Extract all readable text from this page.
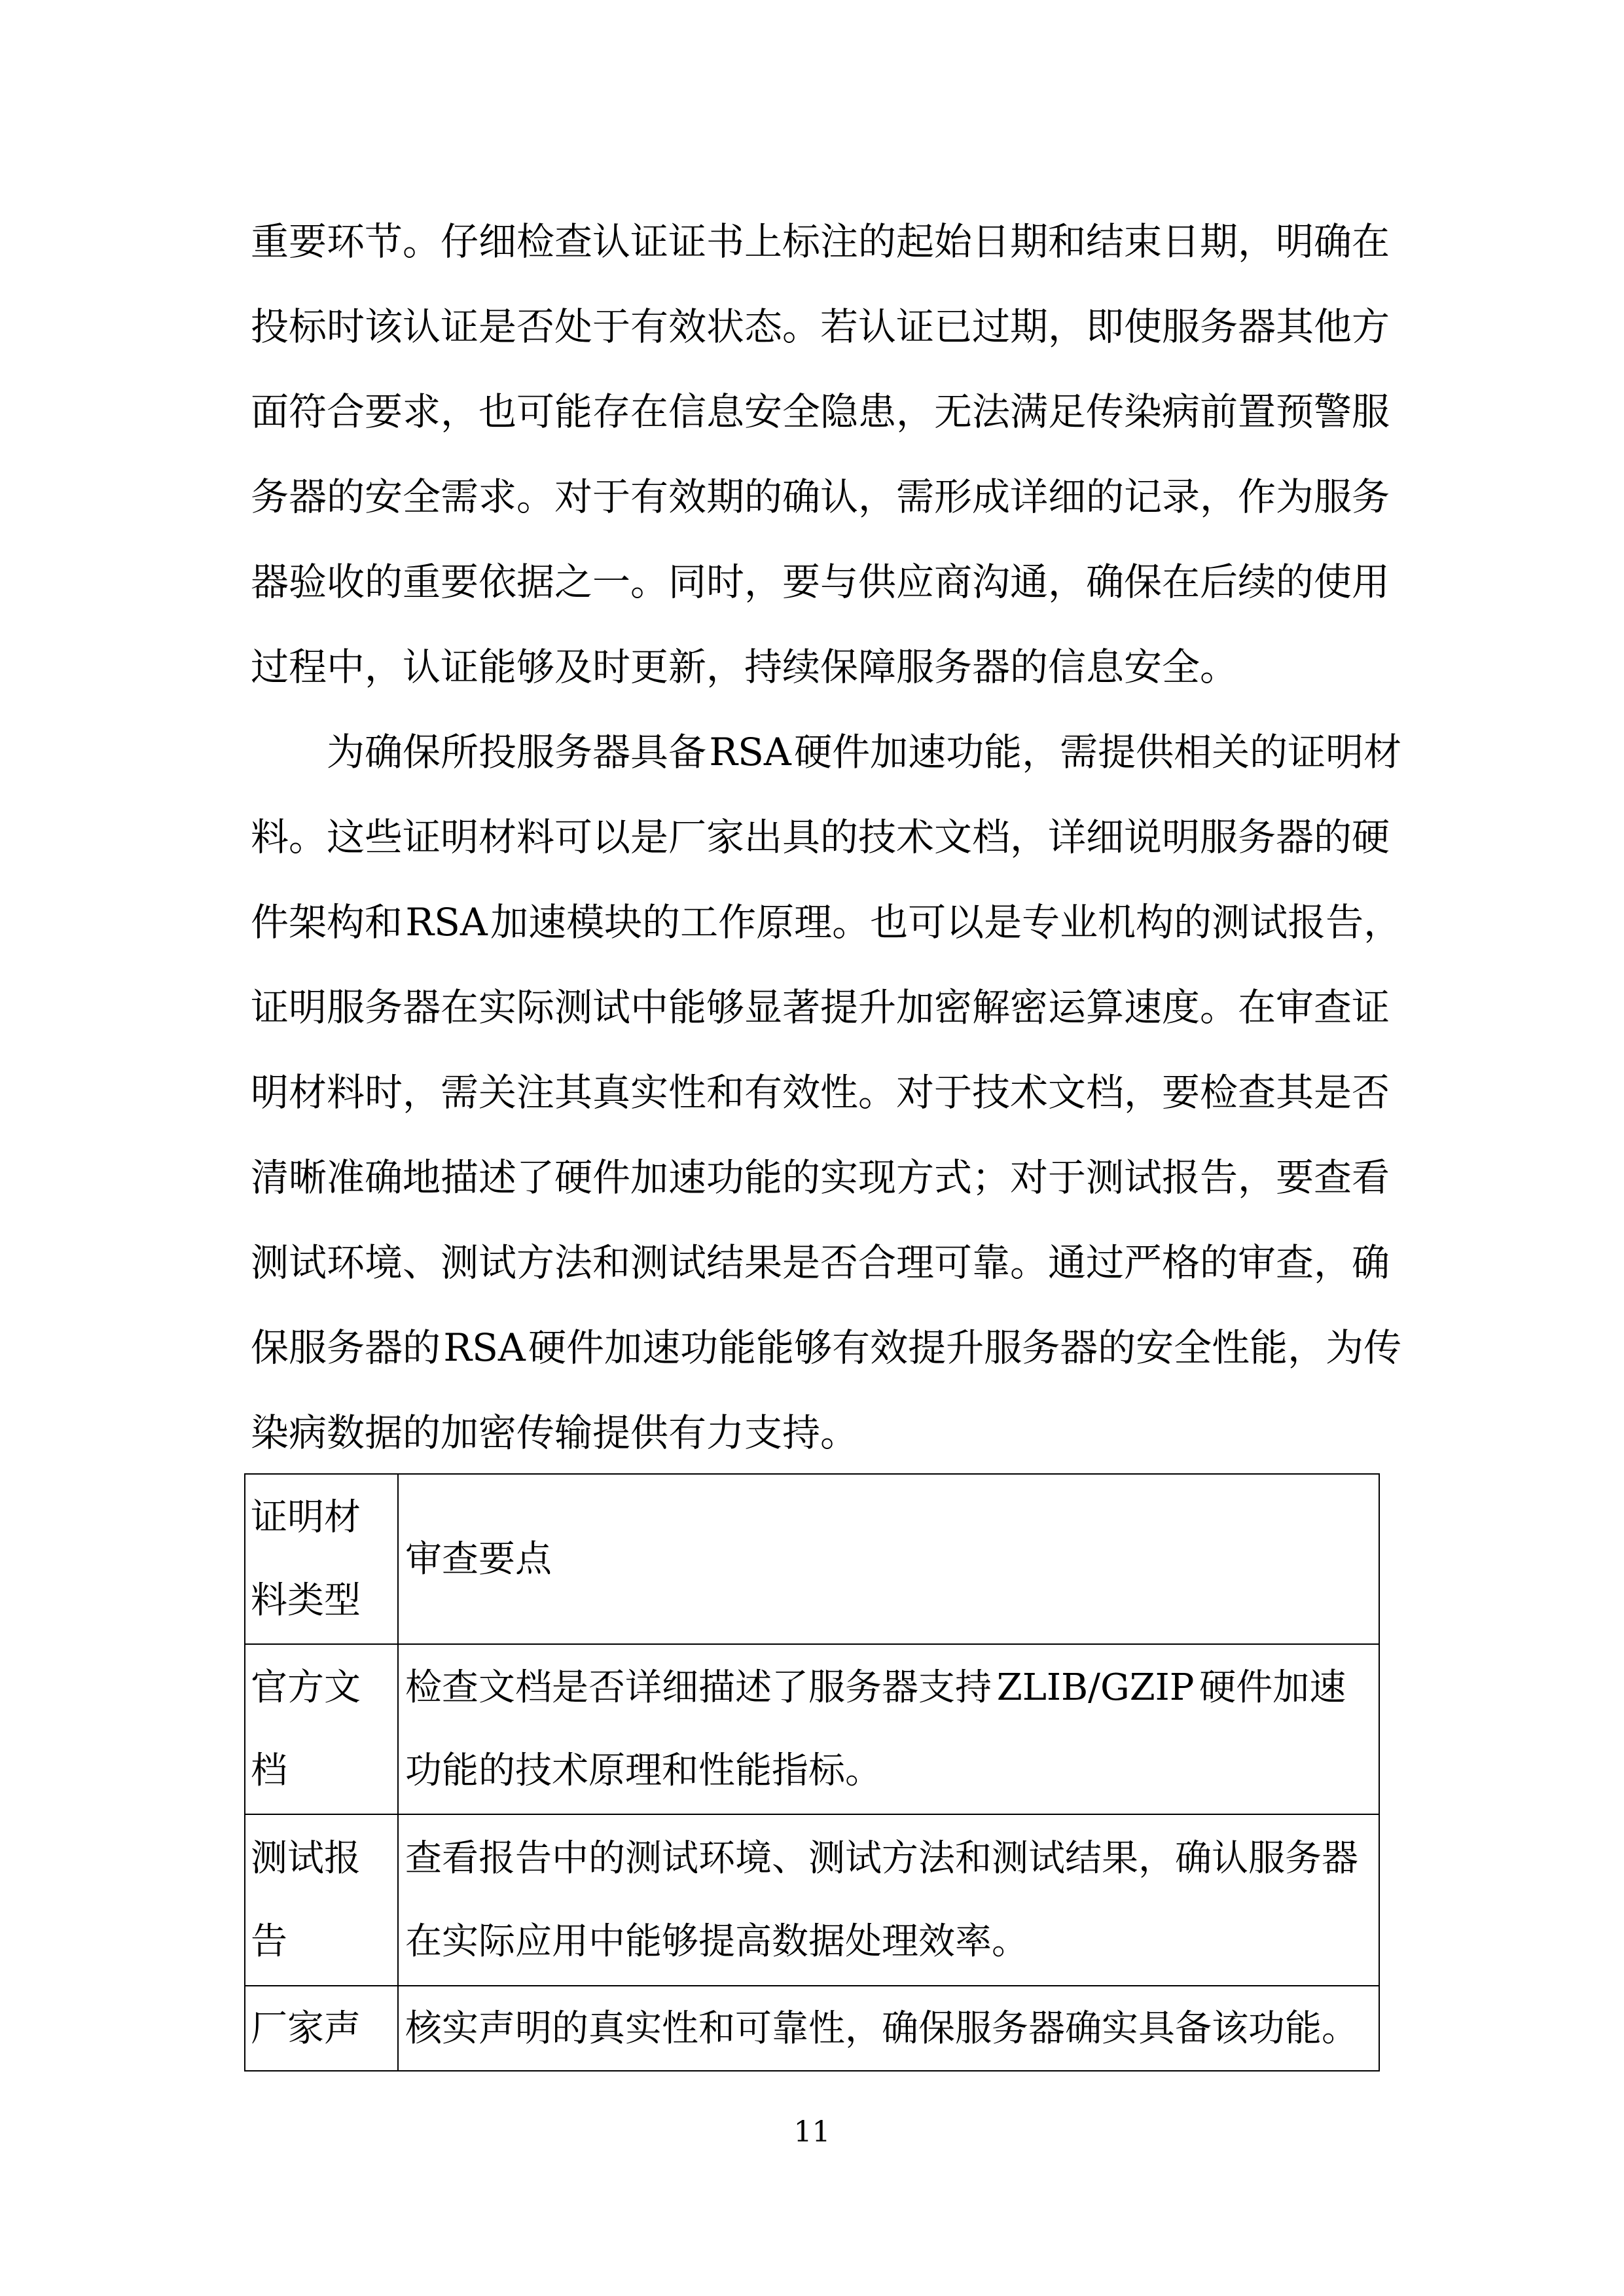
重要环节。仔细检查认证证书上标注的起始日期和结束日期，明确在
投标时该认证是否处于有效状态。若认证已过期，即使服务器其他方
面符合要求，也可能存在信息安全隐患，无法满足传染病前置预警服
务器的安全需求。对于有效期的确认，需形成详细的记录，作为服务
器验收的重要依据之一。同时，要与供应商沟通，确保在后续的使用
过程中，认证能够及时更新，持续保障服务器的信息安全。
为确保所投服务器具备 RSA 硬件加速功能，需提供相关的证明材
料。这些证明材料可以是厂家出具的技术文档，详细说明服务器的硬
件架构和 RSA 加速模块的工作原理。也可以是专业机构的测试报告，
证明服务器在实际测试中能够显著提升加密解密运算速度。在审查证
明材料时，需关注其真实性和有效性。对于技术文档，要检查其是否
清晰准确地描述了硬件加速功能的实现方式；对于测试报告，要查看
测试环境、测试方法和测试结果是否合理可靠。通过严格的审查，确
保服务器的 RSA 硬件加速功能能够有效提升服务器的安全性能，为传
染病数据的加密传输提供有力支持。
证明材料类型	审查要点
官方文档	检查文档是否详细描述了服务器支持 ZLIB/GZIP 硬件加速功能的技术原理和性能指标。
测试报告	查看报告中的测试环境、测试方法和测试结果，确认服务器在实际应用中能够提高数据处理效率。
厂家声	核实声明的真实性和可靠性，确保服务器确实具备该功能。
11
